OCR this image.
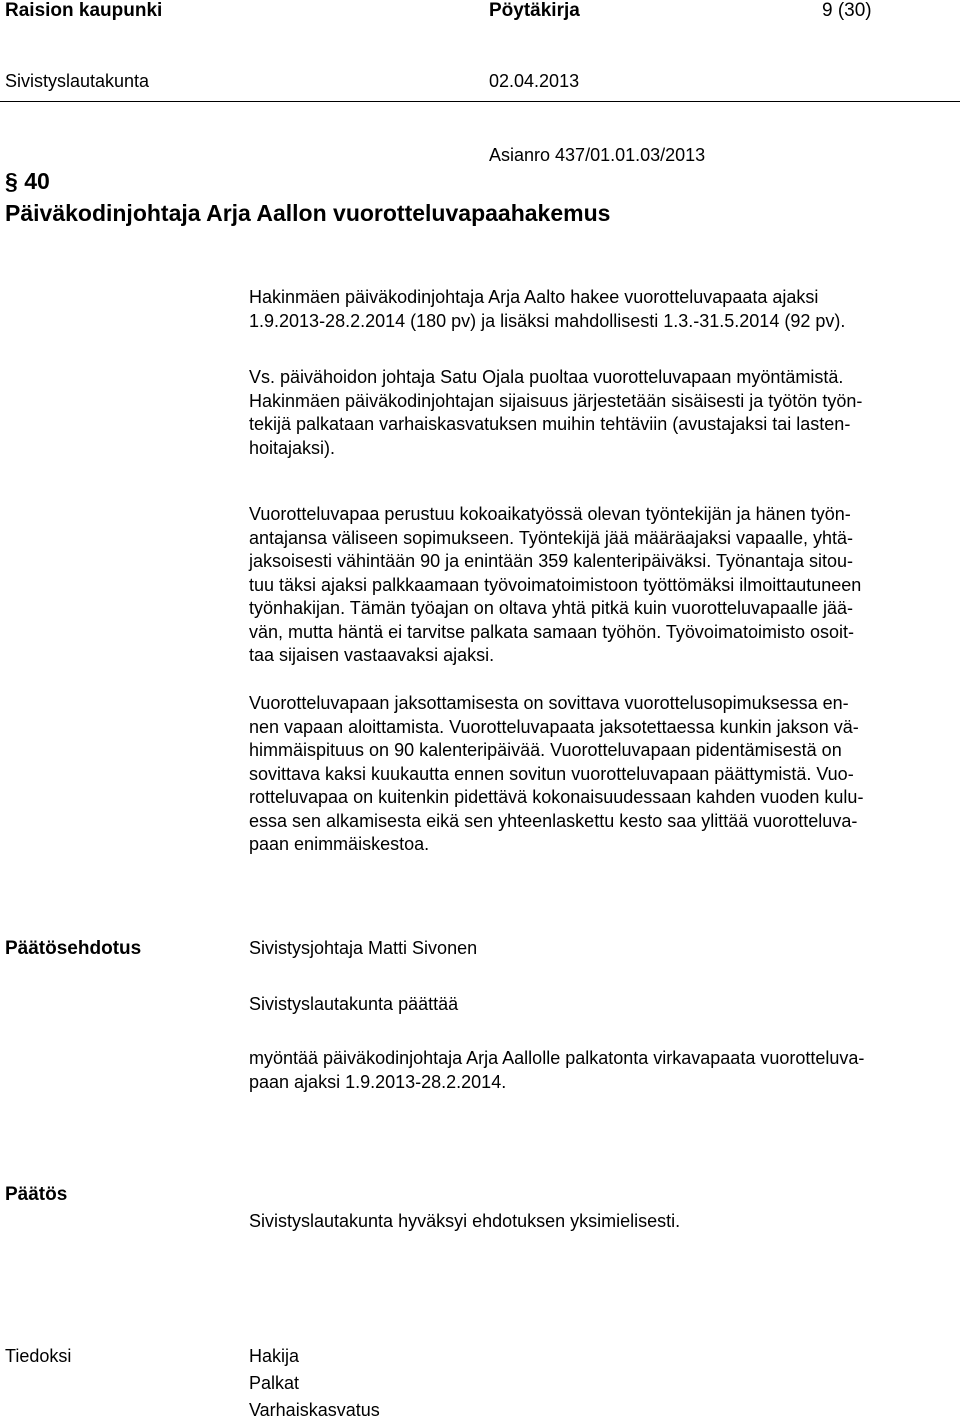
Raision kaupunki	Pöytäkirja	9 (30)
Sivistyslautakunta	02.04.2013
Asianro 437/01.01.03/2013
§ 40
Päiväkodinjohtaja Arja Aallon vuorotteluvapaahakemus

Hakinmäen päiväkodinjohtaja Arja Aalto hakee vuorotteluvapaata ajaksi

1.9.2013-28.2.2014 (180 pv) ja lisäksi mahdollisesti 1.3.-31.5.2014 (92 pv).

Vs. päivähoidon johtaja Satu Ojala puoltaa vuorotteluvapaan myöntämistä.

Hakinmäen päiväkodinjohtajan sijaisuus järjestetään sisäisesti ja työtön työn-

tekijä palkataan varhaiskasvatuksen muihin tehtäviin (avustajaksi tai lasten-

hoitajaksi).

Vuorotteluvapaa perustuu kokoaikatyössä olevan työntekijän ja hänen työn-

antajansa väliseen sopimukseen. Työntekijä jää määräajaksi vapaalle, yhtä-

jaksoisesti vähintään 90 ja enintään 359 kalenteripäiväksi. Työnantaja sitou-

tuu täksi ajaksi palkkaamaan työvoimatoimistoon työttömäksi ilmoittautuneen

työnhakijan. Tämän työajan on oltava yhtä pitkä kuin vuorotteluvapaalle jää-

vän, mutta häntä ei tarvitse palkata samaan työhön. Työvoimatoimisto osoit-

taa sijaisen vastaavaksi ajaksi.

Vuorotteluvapaan jaksottamisesta on sovittava vuorottelusopimuksessa en-

nen vapaan aloittamista. Vuorotteluvapaata jaksotettaessa kunkin jakson vä-

himmäispituus on 90 kalenteripäivää. Vuorotteluvapaan pidentämisestä on

sovittava kaksi kuukautta ennen sovitun vuorotteluvapaan päättymistä. Vuo-

rotteluvapaa on kuitenkin pidettävä kokonaisuudessaan kahden vuoden kulu-

essa sen alkamisesta eikä sen yhteenlaskettu kesto saa ylittää vuorotteluva-

paan enimmäiskestoa.

Päätösehdotus	Sivistysjohtaja Matti Sivonen
Sivistyslautakunta päättää

myöntää päiväkodinjohtaja Arja Aallolle palkatonta virkavapaata vuorotteluva-

paan ajaksi 1.9.2013-28.2.2014.

Päätös
Sivistyslautakunta hyväksyi ehdotuksen yksimielisesti.
Tiedoksi	Hakija
Palkat
Varhaiskasvatus
